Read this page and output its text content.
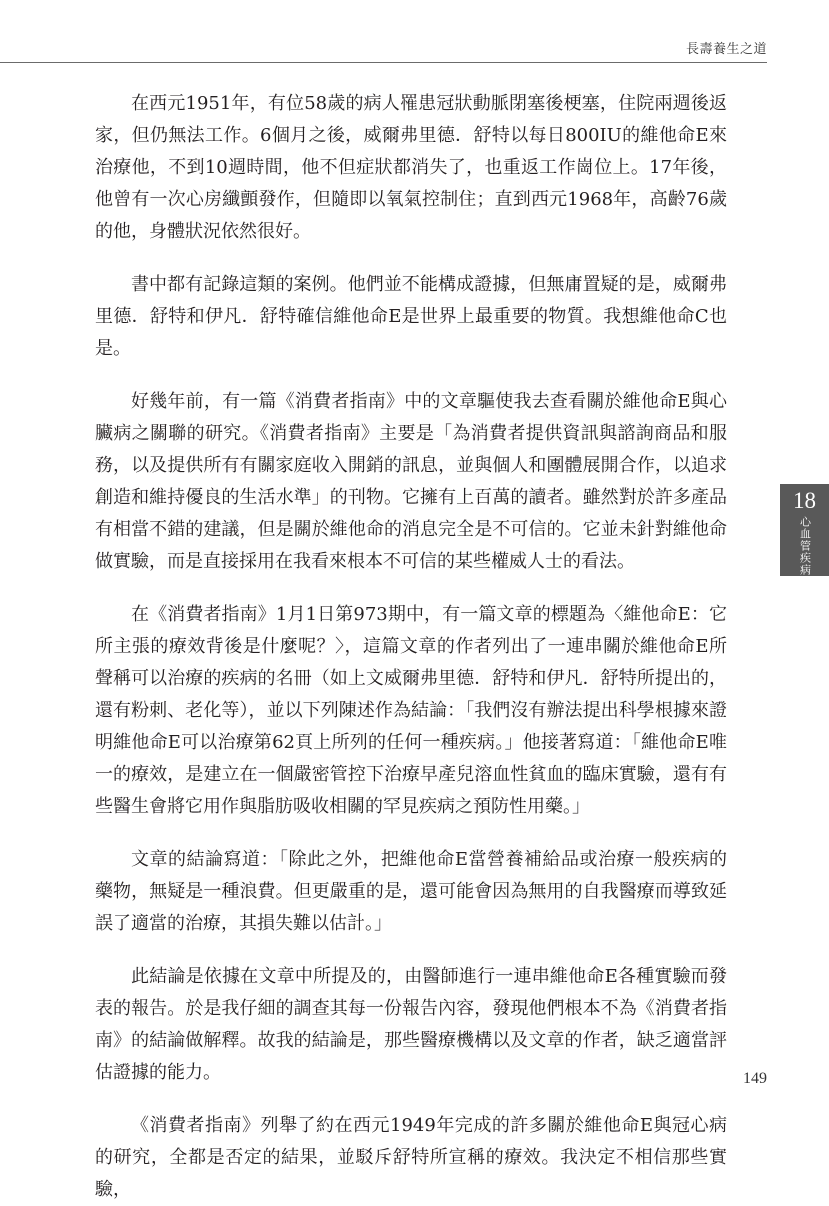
長壽養生之道

在西元1951年，有位58歲的病人罹患冠狀動脈閉塞後梗塞，住院兩週後返家，但仍無法工作。6個月之後，威爾弗里德．舒特以每日800IU的維他命E來治療他，不到10週時間，他不但症狀都消失了，也重返工作崗位上。17年後，他曾有一次心房纖顫發作，但隨即以氧氣控制住；直到西元1968年，高齡76歲的他，身體狀況依然很好。

書中都有記錄這類的案例。他們並不能構成證據，但無庸置疑的是，威爾弗里德．舒特和伊凡．舒特確信維他命E是世界上最重要的物質。我想維他命C也是。

好幾年前，有一篇《消費者指南》中的文章驅使我去查看關於維他命E與心臟病之關聯的研究。《消費者指南》主要是「為消費者提供資訊與諮詢商品和服務，以及提供所有有關家庭收入開銷的訊息，並與個人和團體展開合作，以追求創造和維持優良的生活水準」的刊物。它擁有上百萬的讀者。雖然對於許多產品有相當不錯的建議，但是關於維他命的消息完全是不可信的。它並未針對維他命做實驗，而是直接採用在我看來根本不可信的某些權威人士的看法。

在《消費者指南》1月1日第973期中，有一篇文章的標題為〈維他命E：它所主張的療效背後是什麼呢？〉，這篇文章的作者列出了一連串關於維他命E所聲稱可以治療的疾病的名冊（如上文威爾弗里德．舒特和伊凡．舒特所提出的，還有粉刺、老化等），並以下列陳述作為結論：「我們沒有辦法提出科學根據來證明維他命E可以治療第62頁上所列的任何一種疾病。」他接著寫道：「維他命E唯一的療效，是建立在一個嚴密管控下治療早產兒溶血性貧血的臨床實驗，還有有些醫生會將它用作與脂肪吸收相關的罕見疾病之預防性用藥。」

文章的結論寫道：「除此之外，把維他命E當營養補給品或治療一般疾病的藥物，無疑是一種浪費。但更嚴重的是，還可能會因為無用的自我醫療而導致延誤了適當的治療，其損失難以估計。」

此結論是依據在文章中所提及的，由醫師進行一連串維他命E各種實驗而發表的報告。於是我仔細的調查其每一份報告內容，發現他們根本不為《消費者指南》的結論做解釋。故我的結論是，那些醫療機構以及文章的作者，缺乏適當評估證據的能力。

《消費者指南》列舉了約在西元1949年完成的許多關於維他命E與冠心病的研究，全都是否定的結果，並駁斥舒特所宣稱的療效。我決定不相信那些實驗，

18
心血管疾病
149
